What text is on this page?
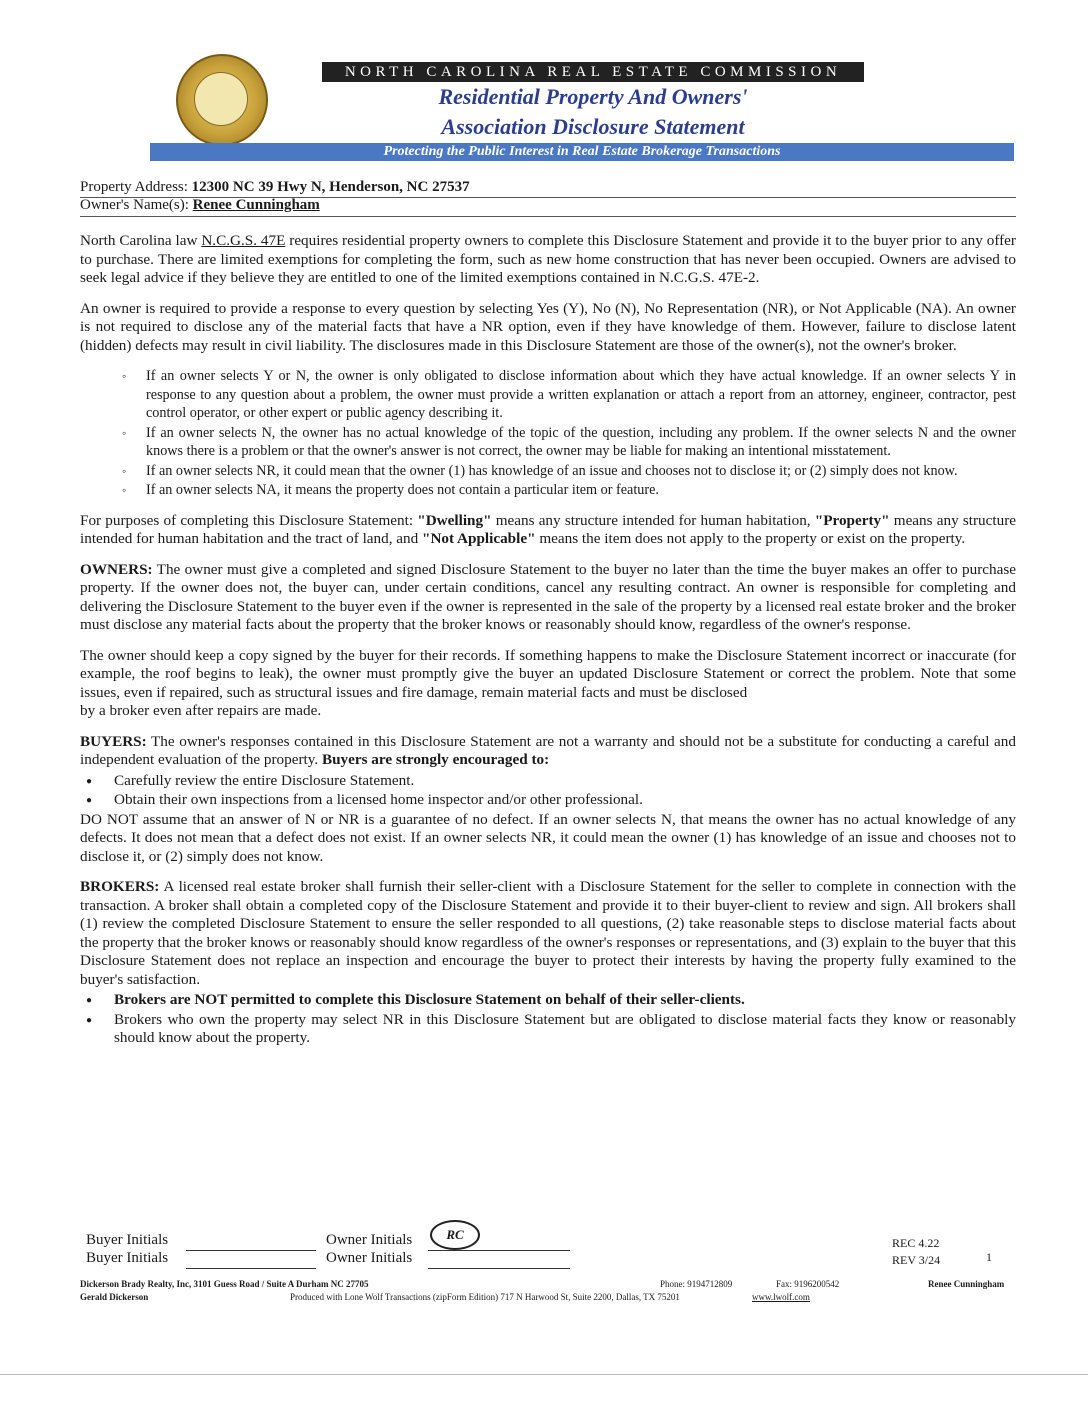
NORTH CAROLINA REAL ESTATE COMMISSION
Residential Property And Owners'
Association Disclosure Statement
Protecting the Public Interest in Real Estate Brokerage Transactions
Property Address: 12300 NC 39 Hwy N, Henderson, NC 27537
Owner's Name(s): Renee Cunningham

North Carolina law N.C.G.S. 47E requires residential property owners to complete this Disclosure Statement and provide it to the buyer prior to any offer to purchase. There are limited exemptions for completing the form, such as new home construction that has never been occupied. Owners are advised to seek legal advice if they believe they are entitled to one of the limited exemptions contained in N.C.G.S. 47E-2.

An owner is required to provide a response to every question by selecting Yes (Y), No (N), No Representation (NR), or Not Applicable (NA). An owner is not required to disclose any of the material facts that have a NR option, even if they have knowledge of them. However, failure to disclose latent (hidden) defects may result in civil liability. The disclosures made in this Disclosure Statement are those of the owner(s), not the owner's broker.

◦ If an owner selects Y or N, the owner is only obligated to disclose information about which they have actual knowledge. If an owner selects Y in response to any question about a problem, the owner must provide a written explanation or attach a report from an attorney, engineer, contractor, pest control operator, or other expert or public agency describing it.
◦ If an owner selects N, the owner has no actual knowledge of the topic of the question, including any problem. If the owner selects N and the owner knows there is a problem or that the owner's answer is not correct, the owner may be liable for making an intentional misstatement.
◦ If an owner selects NR, it could mean that the owner (1) has knowledge of an issue and chooses not to disclose it; or (2) simply does not know.
◦ If an owner selects NA, it means the property does not contain a particular item or feature.

For purposes of completing this Disclosure Statement: "Dwelling" means any structure intended for human habitation, "Property" means any structure intended for human habitation and the tract of land, and "Not Applicable" means the item does not apply to the property or exist on the property.

OWNERS: The owner must give a completed and signed Disclosure Statement to the buyer no later than the time the buyer makes an offer to purchase property. If the owner does not, the buyer can, under certain conditions, cancel any resulting contract. An owner is responsible for completing and delivering the Disclosure Statement to the buyer even if the owner is represented in the sale of the property by a licensed real estate broker and the broker must disclose any material facts about the property that the broker knows or reasonably should know, regardless of the owner's response.

The owner should keep a copy signed by the buyer for their records. If something happens to make the Disclosure Statement incorrect or inaccurate (for example, the roof begins to leak), the owner must promptly give the buyer an updated Disclosure Statement or correct the problem. Note that some issues, even if repaired, such as structural issues and fire damage, remain material facts and must be disclosed
by a broker even after repairs are made.

BUYERS: The owner's responses contained in this Disclosure Statement are not a warranty and should not be a substitute for conducting a careful and independent evaluation of the property. Buyers are strongly encouraged to:

● Carefully review the entire Disclosure Statement.
● Obtain their own inspections from a licensed home inspector and/or other professional.

DO NOT assume that an answer of N or NR is a guarantee of no defect. If an owner selects N, that means the owner has no actual knowledge of any defects. It does not mean that a defect does not exist. If an owner selects NR, it could mean the owner (1) has knowledge of an issue and chooses not to disclose it, or (2) simply does not know.

BROKERS: A licensed real estate broker shall furnish their seller-client with a Disclosure Statement for the seller to complete in connection with the transaction. A broker shall obtain a completed copy of the Disclosure Statement and provide it to their buyer-client to review and sign. All brokers shall (1) review the completed Disclosure Statement to ensure the seller responded to all questions, (2) take reasonable steps to disclose material facts about the property that the broker knows or reasonably should know regardless of the owner's responses or representations, and (3) explain to the buyer that this Disclosure Statement does not replace an inspection and encourage the buyer to protect their interests by having the property fully examined to the buyer's satisfaction.

● Brokers are NOT permitted to complete this Disclosure Statement on behalf of their seller-clients.
● Brokers who own the property may select NR in this Disclosure Statement but are obligated to disclose material facts they know or reasonably should know about the property.
Buyer Initials
Buyer Initials
Owner Initials
Owner Initials
RC
REC 4.22
REV 3/24	1
Dickerson Brady Realty, Inc, 3101 Guess Road / Suite A Durham NC 27705
Gerald Dickerson
Phone: 9194712809	Fax: 9196200542	Renee Cunningham
Produced with Lone Wolf Transactions (zipForm Edition) 717 N Harwood St, Suite 2200, Dallas, TX 75201	www.lwolf.com
